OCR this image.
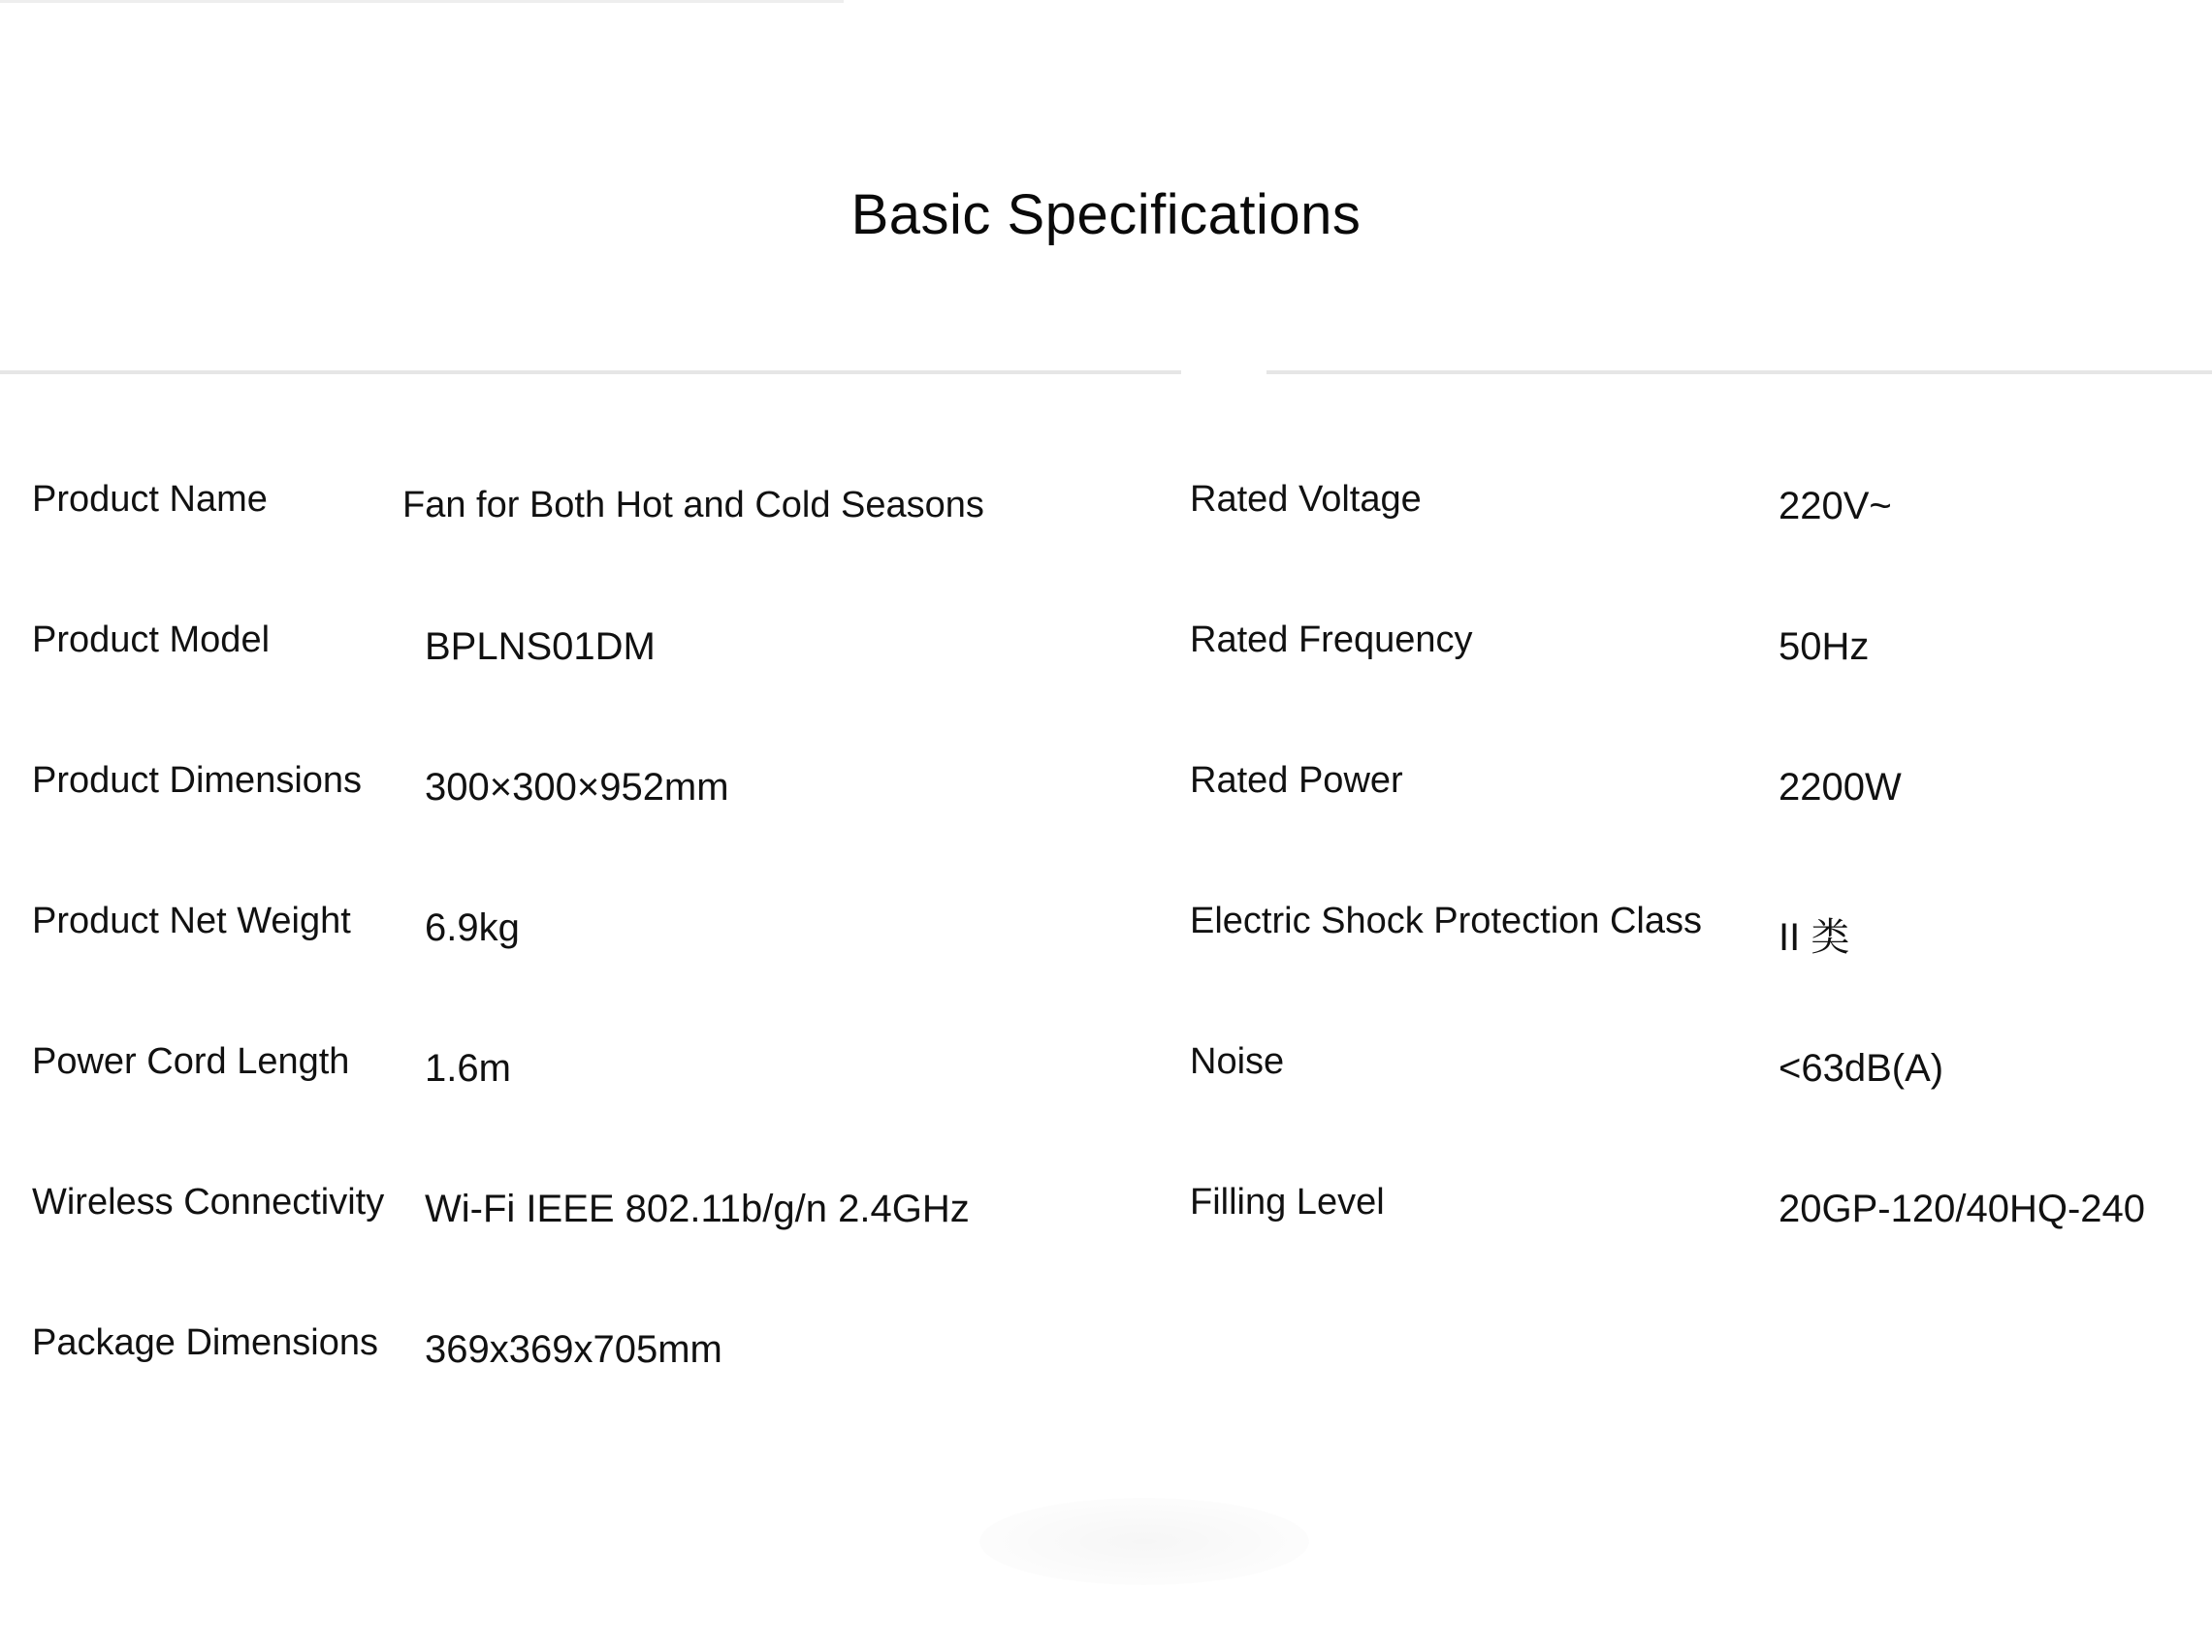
Basic Specifications
Product Name	Fan for Both Hot and Cold Seasons
Product Model	BPLNS01DM
Product Dimensions 300×300×952mm
Product Net Weight 6.9kg
Power Cord Length 1.6m
Wireless Connectivity Wi-Fi IEEE 802.11b/g/n 2.4GHz
Package Dimensions 369x369x705mm
Rated Voltage	220V~
Rated Frequency	50Hz
Rated Power	2200W
Electric Shock Protection Class II 类
Noise	<63dB(A)
Filling Level	20GP-120/40HQ-240
